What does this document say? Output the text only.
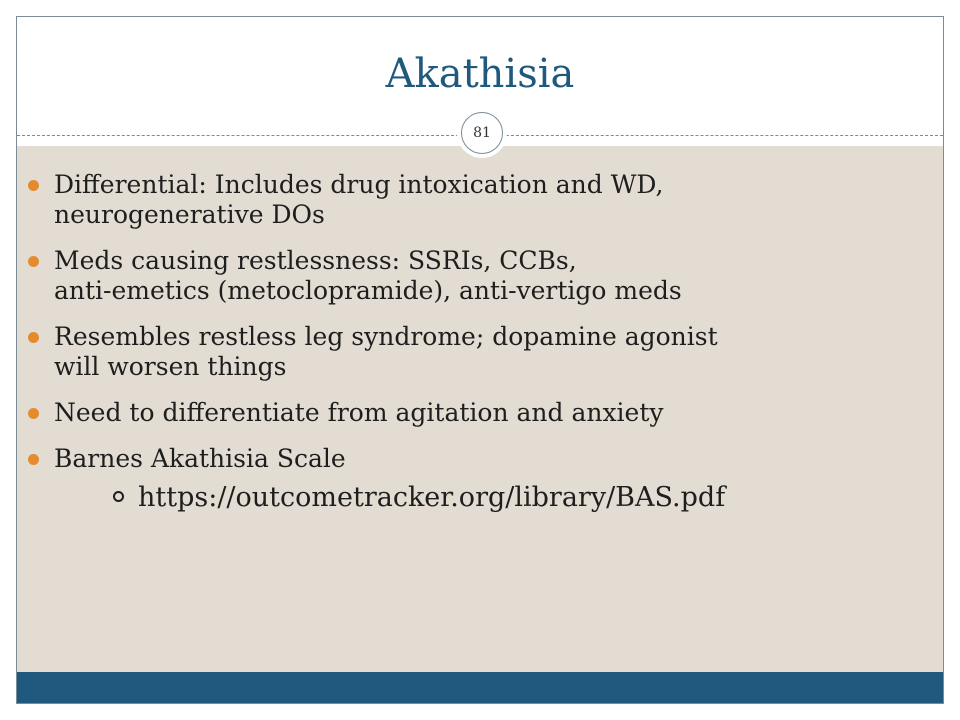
Akathisia
81
Differential: Includes drug intoxication and WD,
neurogenerative DOs
Meds causing restlessness: SSRIs, CCBs,
anti-emetics (metoclopramide), anti-vertigo meds
Resembles restless leg syndrome; dopamine agonist
will worsen things
Need to differentiate from agitation and anxiety
Barnes Akathisia Scale
https://outcometracker.org/library/BAS.pdf
